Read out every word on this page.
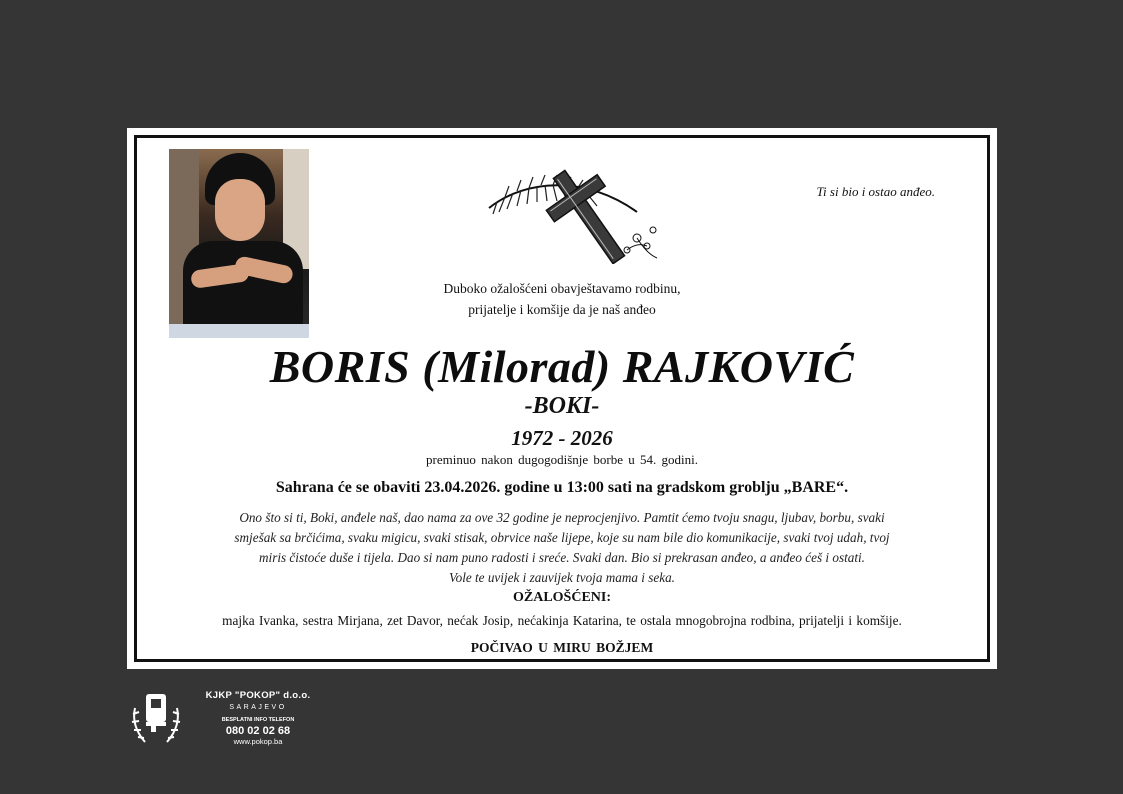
Ti si bio i ostao anđeo.
Duboko ožalošćeni obavještavamo rodbinu,
prijatelje i komšije da je naš anđeo
BORIS (Milorad) RAJKOVIĆ
-BOKI-
1972 - 2026
preminuo nakon dugogodišnje borbe u 54. godini.
Sahrana će se obaviti 23.04.2026. godine u 13:00 sati na gradskom groblju „BARE“.
Ono što si ti, Boki, anđele naš, dao nama za ove 32 godine je neprocjenjivo. Pamtit ćemo tvoju snagu, ljubav, borbu, svaki
smješak sa brčićima, svaku migicu, svaki stisak, obrvice naše lijepe, koje su nam bile dio komunikacije, svaki tvoj udah, tvoj
miris čistoće duše i tijela. Dao si nam puno radosti i sreće. Svaki dan. Bio si prekrasan anđeo, a anđeo ćeš i ostati.
Vole te uvijek i zauvijek tvoja mama i seka.
OŽALOŠĆENI:
majka Ivanka, sestra Mirjana, zet Davor, nećak Josip, nećakinja Katarina, te ostala mnogobrojna rodbina, prijatelji i komšije.
POČIVAO U MIRU BOŽJEM
KJKP "POKOP" d.o.o.
SARAJEVO
BESPLATNI INFO TELEFON
080 02 02 68
www.pokop.ba
